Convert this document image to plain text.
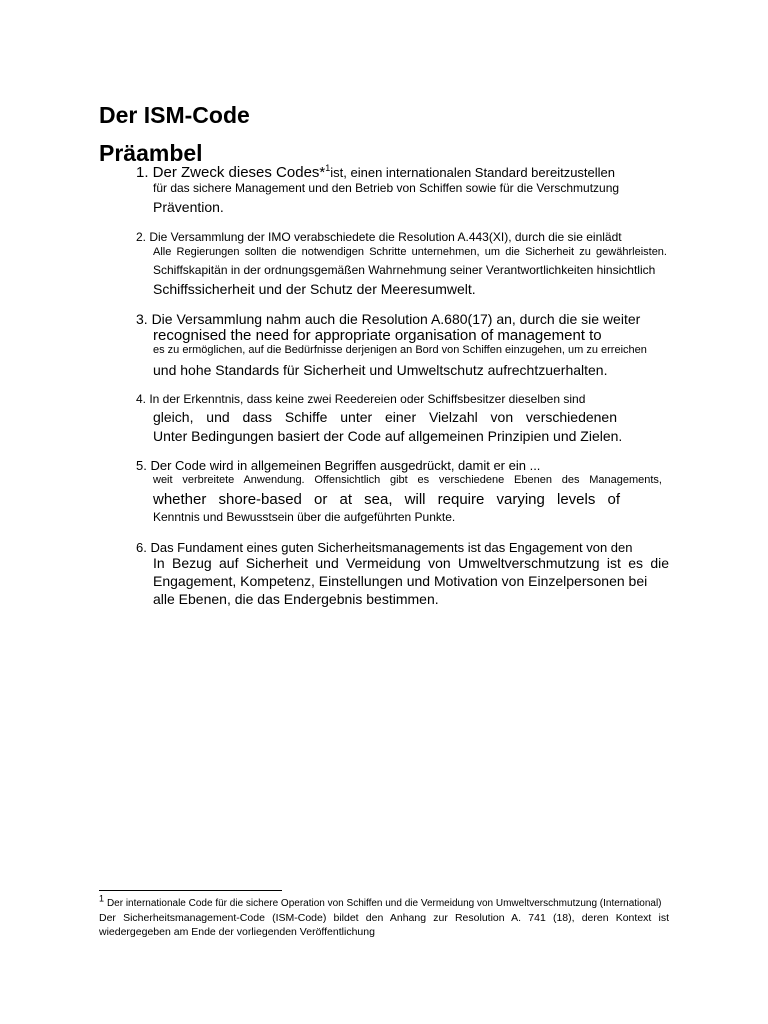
Der ISM-Code
Präambel
1. Der Zweck dieses Codes*$^1$ist, einen internationalen Standard bereitzustellen
für das sichere Management und den Betrieb von Schiffen sowie für die Verschmutzung
Prävention.
2. Die Versammlung der IMO verabschiedete die Resolution A.443(XI), durch die sie einlädt
Alle Regierungen sollten die notwendigen Schritte unternehmen, um die Sicherheit zu gewährleisten.
Schiffskapitän in der ordnungsgemäßen Wahrnehmung seiner Verantwortlichkeiten hinsichtlich
Schiffssicherheit und der Schutz der Meeresumwelt.
3. Die Versammlung nahm auch die Resolution A.680(17) an, durch die sie weiter
recognised the need for appropriate organisation of management to
es zu ermöglichen, auf die Bedürfnisse derjenigen an Bord von Schiffen einzugehen, um zu erreichen
und hohe Standards für Sicherheit und Umweltschutz aufrechtzuerhalten.
4. In der Erkenntnis, dass keine zwei Reedereien oder Schiffsbesitzer dieselben sind
gleich, und dass Schiffe unter einer Vielzahl von verschiedenen
Unter Bedingungen basiert der Code auf allgemeinen Prinzipien und Zielen.
5. Der Code wird in allgemeinen Begriffen ausgedrückt, damit er ein ...
weit verbreitete Anwendung. Offensichtlich gibt es verschiedene Ebenen des Managements,
whether shore-based or at sea, will require varying levels of
Kenntnis und Bewusstsein über die aufgeführten Punkte.
6. Das Fundament eines guten Sicherheitsmanagements ist das Engagement von den
In Bezug auf Sicherheit und Vermeidung von Umweltverschmutzung ist es die
Engagement, Kompetenz, Einstellungen und Motivation von Einzelpersonen bei
alle Ebenen, die das Endergebnis bestimmen.
$^1$ Der internationale Code für die sichere Operation von Schiffen und die Vermeidung von Umweltverschmutzung (International)
Der Sicherheitsmanagement-Code (ISM-Code) bildet den Anhang zur Resolution A. 741 (18), deren Kontext ist
wiedergegeben am Ende der vorliegenden Veröffentlichung
